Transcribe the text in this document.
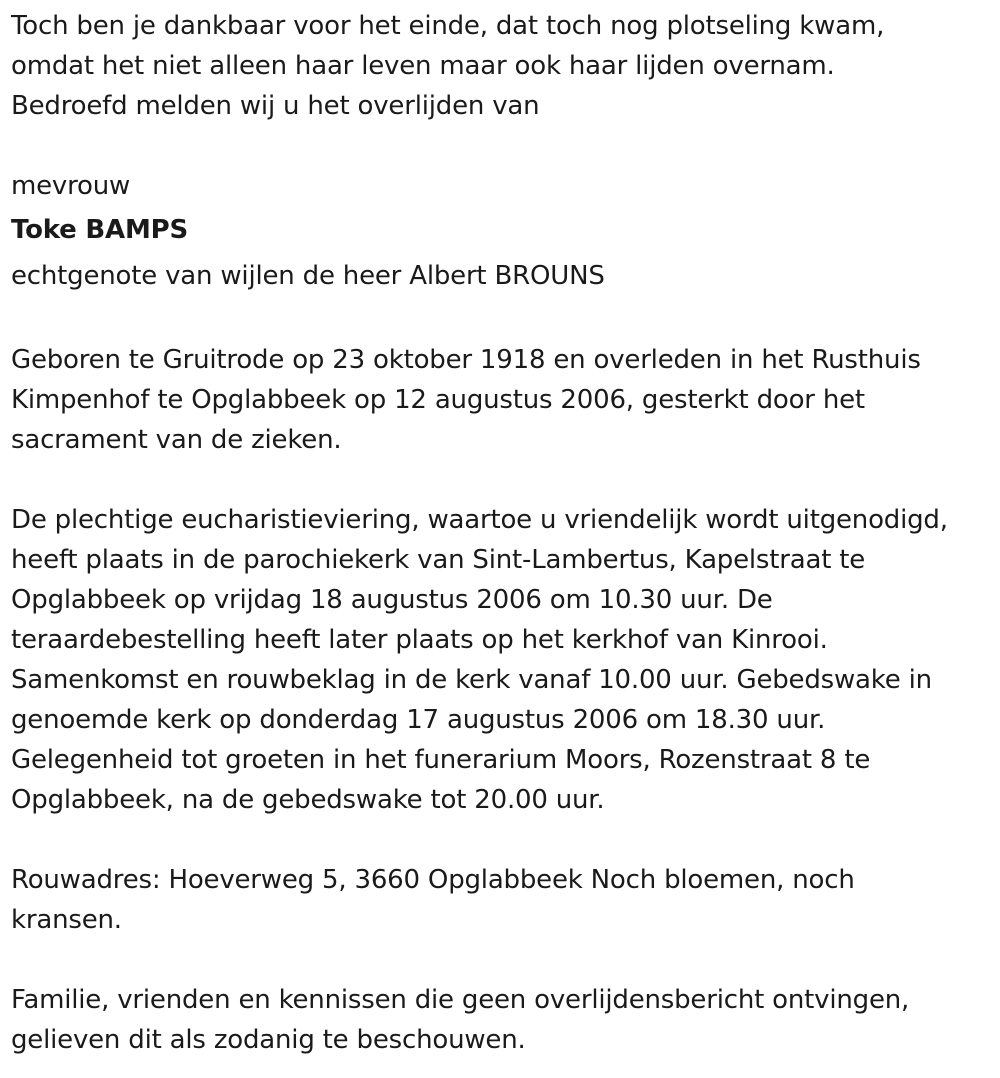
Toch ben je dankbaar voor het einde, dat toch nog plotseling kwam,
omdat het niet alleen haar leven maar ook haar lijden overnam.
Bedroefd melden wij u het overlijden van
mevrouw
Toke BAMPS
echtgenote van wijlen de heer Albert BROUNS
Geboren te Gruitrode op 23 oktober 1918 en overleden in het Rusthuis
Kimpenhof te Opglabbeek op 12 augustus 2006, gesterkt door het
sacrament van de zieken.
De plechtige eucharistieviering, waartoe u vriendelijk wordt uitgenodigd,
heeft plaats in de parochiekerk van Sint-Lambertus, Kapelstraat te
Opglabbeek op vrijdag 18 augustus 2006 om 10.30 uur. De
teraardebestelling heeft later plaats op het kerkhof van Kinrooi.
Samenkomst en rouwbeklag in de kerk vanaf 10.00 uur. Gebedswake in
genoemde kerk op donderdag 17 augustus 2006 om 18.30 uur.
Gelegenheid tot groeten in het funerarium Moors, Rozenstraat 8 te
Opglabbeek, na de gebedswake tot 20.00 uur.
Rouwadres: Hoeverweg 5, 3660 Opglabbeek Noch bloemen, noch
kransen.
Familie, vrienden en kennissen die geen overlijdensbericht ontvingen,
gelieven dit als zodanig te beschouwen.
